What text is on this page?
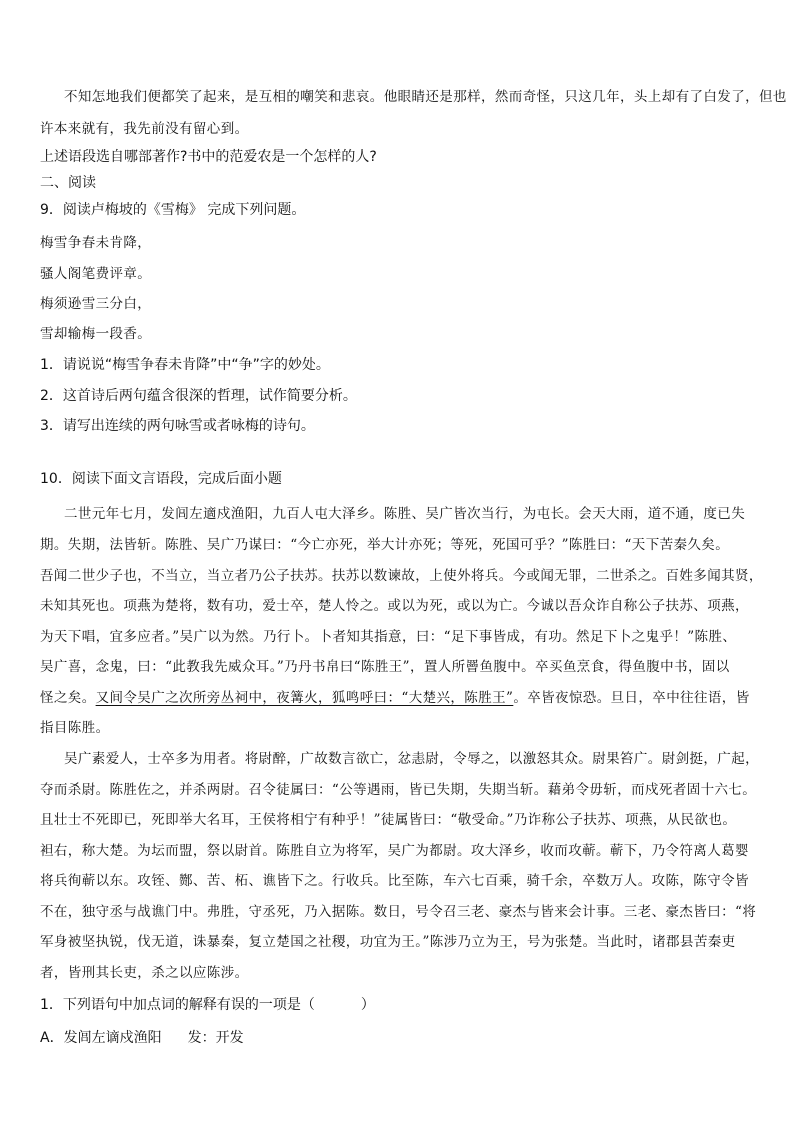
不知怎地我们便都笑了起来，是互相的嘲笑和悲哀。他眼睛还是那样，然而奇怪，只这几年，头上却有了白发了，但也
许本来就有，我先前没有留心到。
上述语段选自哪部著作?书中的范爱农是一个怎样的人?
二、阅读
9．阅读卢梅坡的《雪梅》 完成下列问题。
梅雪争春未肯降，
骚人阁笔费评章。
梅须逊雪三分白，
雪却输梅一段香。
1．请说说“梅雪争春未肯降”中“争”字的妙处。
2．这首诗后两句蕴含很深的哲理，试作简要分析。
3．请写出连续的两句咏雪或者咏梅的诗句。
10．阅读下面文言语段，完成后面小题
二世元年七月，发闾左適戍渔阳，九百人屯大泽乡。陈胜、吴广皆次当行，为屯长。会天大雨，道不通，度已失
期。失期，法皆斩。陈胜、吴广乃谋曰：“今亡亦死，举大计亦死；等死，死国可乎？”陈胜曰：“天下苦秦久矣。
吾闻二世少子也，不当立，当立者乃公子扶苏。扶苏以数谏故，上使外将兵。今或闻无罪，二世杀之。百姓多闻其贤，
未知其死也。项燕为楚将，数有功，爱士卒，楚人怜之。或以为死，或以为亡。今诚以吾众诈自称公子扶苏、项燕，
为天下唱，宜多应者。”吴广以为然。乃行卜。卜者知其指意，曰：“足下事皆成，有功。然足下卜之鬼乎！”陈胜、
吴广喜，念鬼，曰：“此教我先威众耳。”乃丹书帛曰“陈胜王”，置人所罾鱼腹中。卒买鱼烹食，得鱼腹中书，固以
怪之矣。又间令吴广之次所旁丛祠中，夜篝火，狐鸣呼曰：“大楚兴，陈胜王”。卒皆夜惊恐。旦日，卒中往往语，皆
指目陈胜。
吴广素爱人，士卒多为用者。将尉醉，广故数言欲亡，忿恚尉，令辱之，以激怒其众。尉果笞广。尉剑挺，广起，
夺而杀尉。陈胜佐之，并杀两尉。召令徒属曰：“公等遇雨，皆已失期，失期当斩。藉弟令毋斩，而戍死者固十六七。
且壮士不死即已，死即举大名耳，王侯将相宁有种乎！”徒属皆曰：“敬受命。”乃诈称公子扶苏、项燕，从民欲也。
袒右，称大楚。为坛而盟，祭以尉首。陈胜自立为将军，吴广为都尉。攻大泽乡，收而攻蕲。蕲下，乃令符离人葛婴
将兵徇蕲以东。攻铚、酂、苦、柘、谯皆下之。行收兵。比至陈，车六七百乘，骑千余，卒数万人。攻陈，陈守令皆
不在，独守丞与战谯门中。弗胜，守丞死，乃入据陈。数日，号令召三老、豪杰与皆来会计事。三老、豪杰皆曰：“将
军身被坚执锐，伐无道，诛暴秦，复立楚国之社稷，功宜为王。”陈涉乃立为王，号为张楚。当此时，诸郡县苦秦吏
者，皆刑其长吏，杀之以应陈涉。
1．下列语句中加点词的解释有误的一项是（	）
A．发闾左谪戍渔阳 发：开发
